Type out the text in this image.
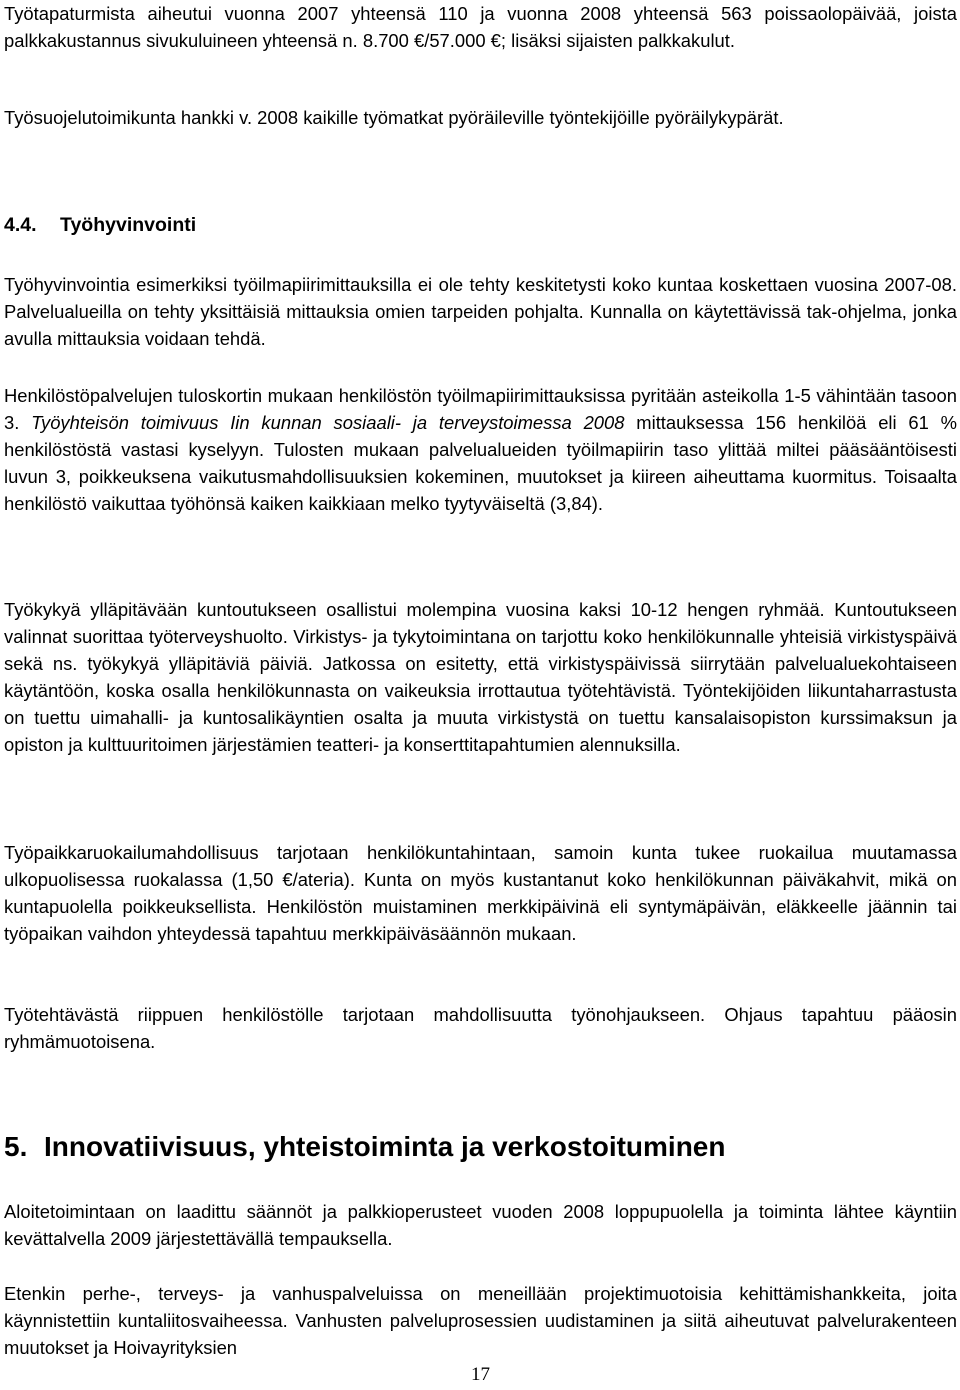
Työtapaturmista aiheutui vuonna 2007 yhteensä 110 ja vuonna 2008 yhteensä 563 poissaolopäivää, joista palkkakustannus sivukuluineen yhteensä n. 8.700 €/57.000 €; lisäksi sijaisten palkkakulut.

Työsuojelutoimikunta hankki v. 2008 kaikille työmatkat pyöräileville työntekijöille pyöräilykypärät.

4.4. Työhyvinvointi

Työhyvinvointia esimerkiksi työilmapiirimittauksilla ei ole tehty keskitetysti koko kuntaa koskettaen vuosina 2007-08. Palvelualueilla on tehty yksittäisiä mittauksia omien tarpeiden pohjalta. Kunnalla on käytettävissä tak-ohjelma, jonka avulla mittauksia voidaan tehdä.

Henkilöstöpalvelujen tuloskortin mukaan henkilöstön työilmapiirimittauksissa pyritään asteikolla 1-5 vähintään tasoon 3. Työyhteisön toimivuus Iin kunnan sosiaali- ja terveystoimessa 2008 mittauksessa 156 henkilöä eli 61 % henkilöstöstä vastasi kyselyyn. Tulosten mukaan palvelualueiden työilmapiirin taso ylittää miltei pääsääntöisesti luvun 3, poikkeuksena vaikutusmahdollisuuksien kokeminen, muutokset ja kiireen aiheuttama kuormitus. Toisaalta henkilöstö vaikuttaa työhönsä kaiken kaikkiaan melko tyytyväiseltä (3,84).

Työkykyä ylläpitävään kuntoutukseen osallistui molempina vuosina kaksi 10-12 hengen ryhmää. Kuntoutukseen valinnat suorittaa työterveyshuolto. Virkistys- ja tykytoimintana on tarjottu koko henkilökunnalle yhteisiä virkistyspäivä sekä ns. työkykyä ylläpitäviä päiviä. Jatkossa on esitetty, että virkistyspäivissä siirrytään palvelualuekohtaiseen käytäntöön, koska osalla henkilökunnasta on vaikeuksia irrottautua työtehtävistä. Työntekijöiden liikuntaharrastusta on tuettu uimahalli- ja kuntosalikäyntien osalta ja muuta virkistystä on tuettu kansalaisopiston kurssimaksun ja opiston ja kulttuuritoimen järjestämien teatteri- ja konserttitapahtumien alennuksilla.

Työpaikkaruokailumahdollisuus tarjotaan henkilökuntahintaan, samoin kunta tukee ruokailua muutamassa ulkopuolisessa ruokalassa (1,50 €/ateria). Kunta on myös kustantanut koko henkilökunnan päiväkahvit, mikä on kuntapuolella poikkeuksellista. Henkilöstön muistaminen merkkipäivinä eli syntymäpäivän, eläkkeelle jäännin tai työpaikan vaihdon yhteydessä tapahtuu merkkipäiväsäännön mukaan.

Työtehtävästä riippuen henkilöstölle tarjotaan mahdollisuutta työnohjaukseen. Ohjaus tapahtuu pääosin ryhmämuotoisena.

5. Innovatiivisuus, yhteistoiminta ja verkostoituminen

Aloitetoimintaan on laadittu säännöt ja palkkioperusteet vuoden 2008 loppupuolella ja toiminta lähtee käyntiin kevättalvella 2009 järjestettävällä tempauksella.

Etenkin perhe-, terveys- ja vanhuspalveluissa on meneillään projektimuotoisia kehittämishankkeita, joita käynnistettiin kuntaliitosvaiheessa. Vanhusten palveluprosessien uudistaminen ja siitä aiheutuvat palvelurakenteen muutokset ja Hoivayrityksien

17
